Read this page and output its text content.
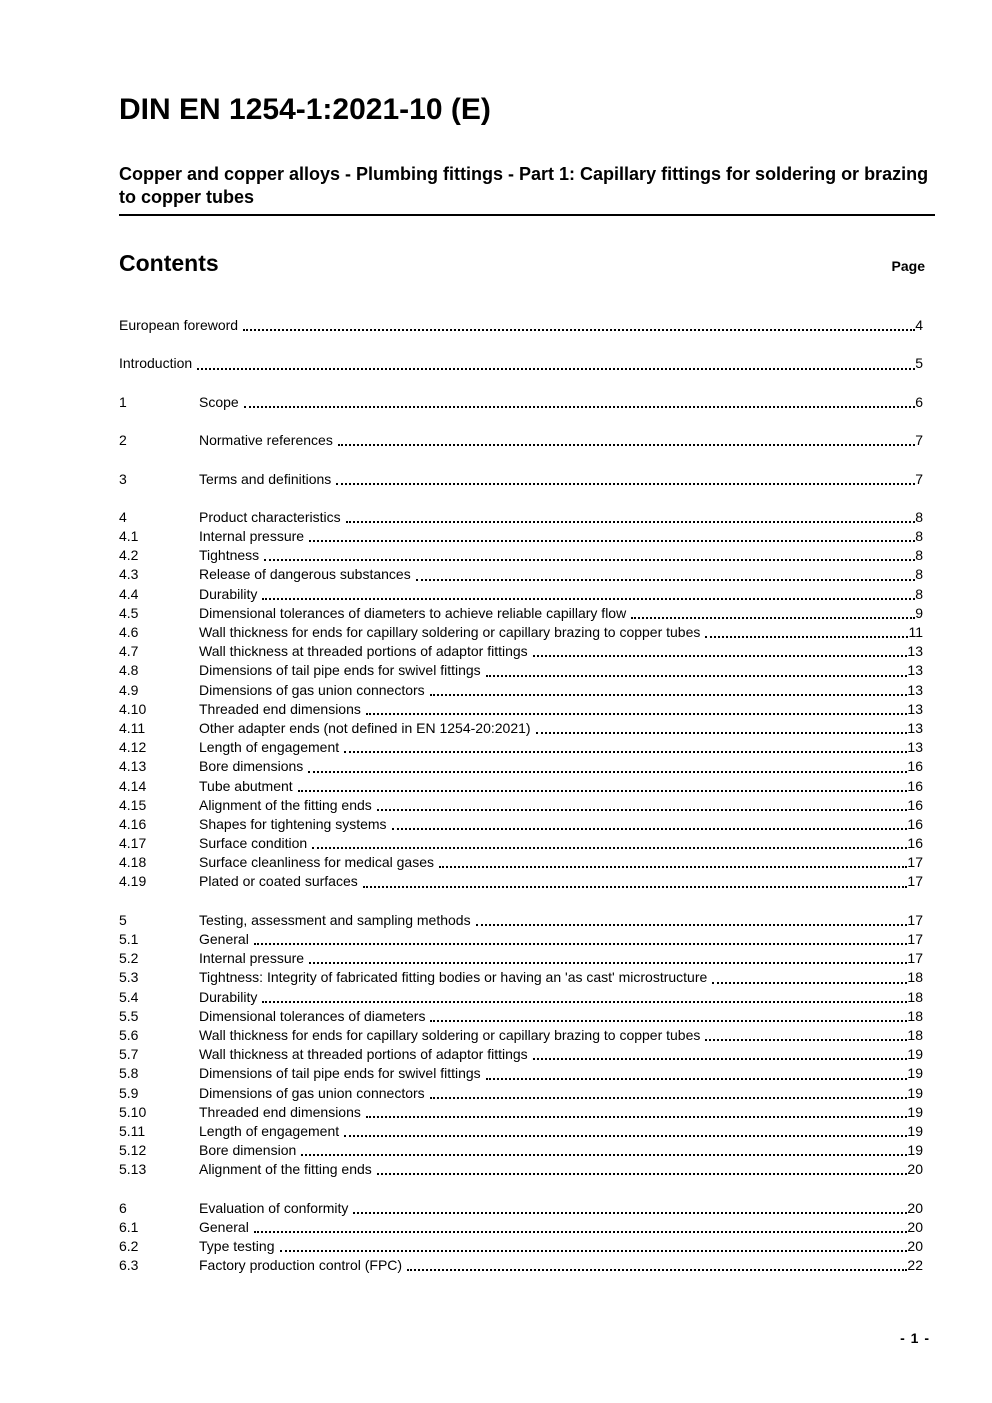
DIN EN 1254-1:2021-10 (E)
Copper and copper alloys - Plumbing fittings - Part 1: Capillary fittings for soldering or brazing to copper tubes
Contents	Page
European foreword	4
Introduction	5
1	Scope	6
2	Normative references	7
3	Terms and definitions	7
4	Product characteristics	8
4.1	Internal pressure	8
4.2	Tightness	8
4.3	Release of dangerous substances	8
4.4	Durability	8
4.5	Dimensional tolerances of diameters to achieve reliable capillary flow	9
4.6	Wall thickness for ends for capillary soldering or capillary brazing to copper tubes	11
4.7	Wall thickness at threaded portions of adaptor fittings	13
4.8	Dimensions of tail pipe ends for swivel fittings	13
4.9	Dimensions of gas union connectors	13
4.10	Threaded end dimensions	13
4.11	Other adapter ends (not defined in EN 1254-20:2021)	13
4.12	Length of engagement	13
4.13	Bore dimensions	16
4.14	Tube abutment	16
4.15	Alignment of the fitting ends	16
4.16	Shapes for tightening systems	16
4.17	Surface condition	16
4.18	Surface cleanliness for medical gases	17
4.19	Plated or coated surfaces	17
5	Testing, assessment and sampling methods	17
5.1	General	17
5.2	Internal pressure	17
5.3	Tightness: Integrity of fabricated fitting bodies or having an 'as cast' microstructure	18
5.4	Durability	18
5.5	Dimensional tolerances of diameters	18
5.6	Wall thickness for ends for capillary soldering or capillary brazing to copper tubes	18
5.7	Wall thickness at threaded portions of adaptor fittings	19
5.8	Dimensions of tail pipe ends for swivel fittings	19
5.9	Dimensions of gas union connectors	19
5.10	Threaded end dimensions	19
5.11	Length of engagement	19
5.12	Bore dimension	19
5.13	Alignment of the fitting ends	20
6	Evaluation of conformity	20
6.1	General	20
6.2	Type testing	20
6.3	Factory production control (FPC)	22
- 1 -
